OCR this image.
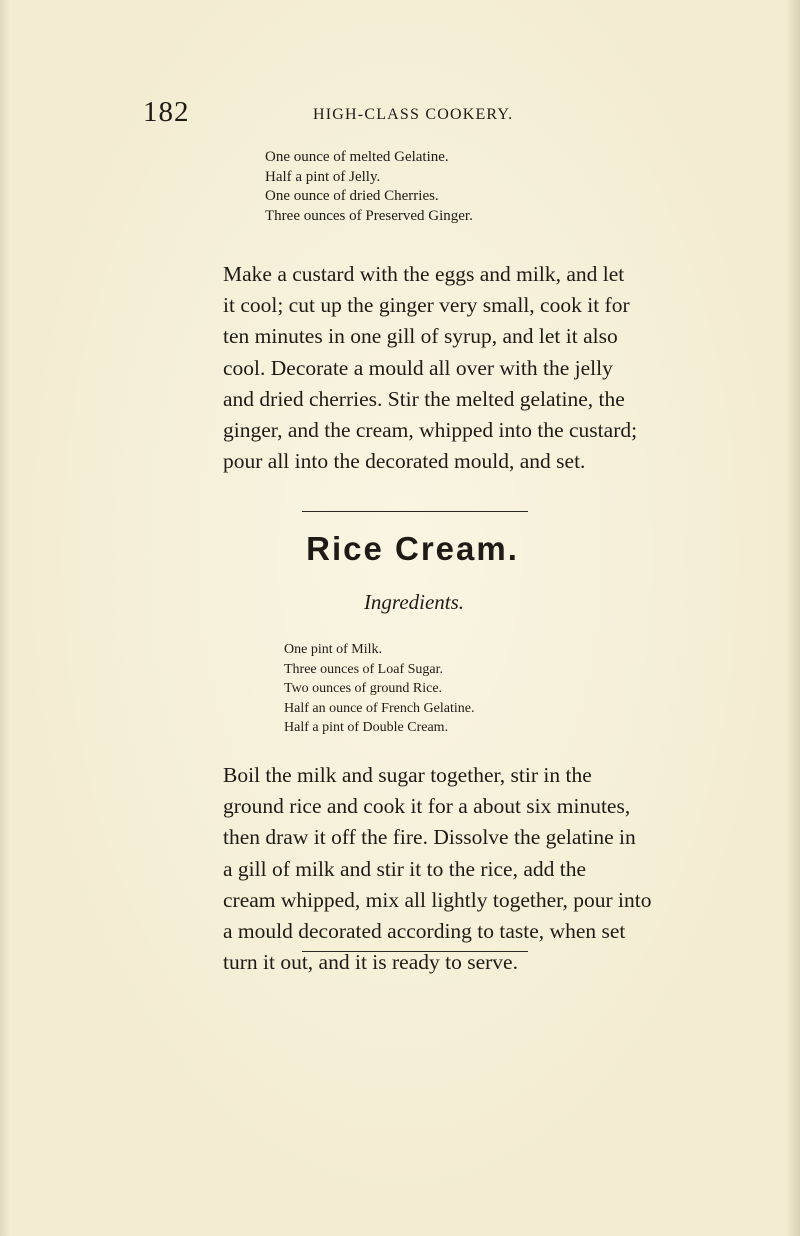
182	HIGH-CLASS COOKERY.
One ounce of melted Gelatine.
Half a pint of Jelly.
One ounce of dried Cherries.
Three ounces of Preserved Ginger.

Make a custard with the eggs and milk, and let
it cool; cut up the ginger very small, cook it for
ten minutes in one gill of syrup, and let it also
cool. Decorate a mould all over with the jelly
and dried cherries. Stir the melted gelatine, the
ginger, and the cream, whipped into the custard;
pour all into the decorated mould, and set.

Rice Cream.
Ingredients.
One pint of Milk.
Three ounces of Loaf Sugar.
Two ounces of ground Rice.
Half an ounce of French Gelatine.
Half a pint of Double Cream.

Boil the milk and sugar together, stir in the
ground rice and cook it for a about six minutes,
then draw it off the fire. Dissolve the gelatine in
a gill of milk and stir it to the rice, add the
cream whipped, mix all lightly together, pour into
a mould decorated according to taste, when set
turn it out, and it is ready to serve.
